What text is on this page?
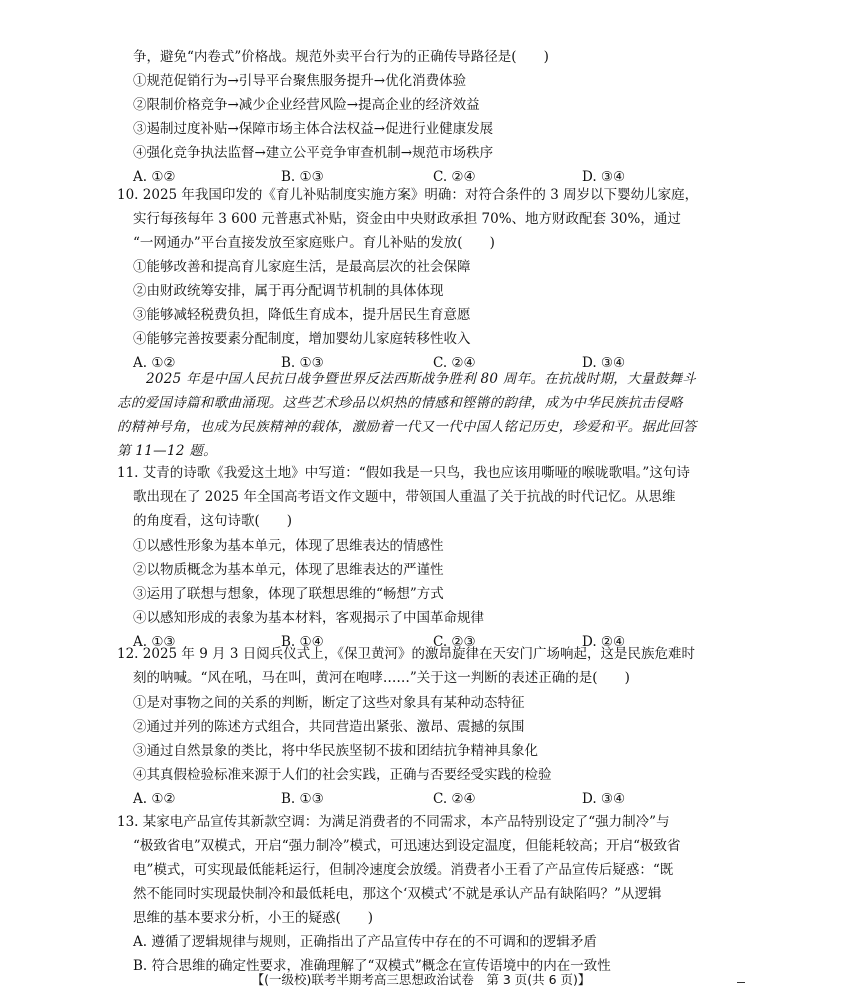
争，避免“内卷式”价格战。规范外卖平台行为的正确传导路径是(　　)
①规范促销行为→引导平台聚焦服务提升→优化消费体验
②限制价格竞争→减少企业经营风险→提高企业的经济效益
③遏制过度补贴→保障市场主体合法权益→促进行业健康发展
④强化竞争执法监督→建立公平竞争审查机制→规范市场秩序
A. ①②	B. ①③	C. ②④	D. ③④
10. 2025 年我国印发的《育儿补贴制度实施方案》明确：对符合条件的 3 周岁以下婴幼儿家庭，
实行每孩每年 3 600 元普惠式补贴，资金由中央财政承担 70%、地方财政配套 30%，通过
“一网通办”平台直接发放至家庭账户。育儿补贴的发放(　　)
①能够改善和提高育儿家庭生活，是最高层次的社会保障
②由财政统筹安排，属于再分配调节机制的具体体现
③能够减轻税费负担，降低生育成本，提升居民生育意愿
④能够完善按要素分配制度，增加婴幼儿家庭转移性收入
A. ①②	B. ①③	C. ②④	D. ③④
2025 年是中国人民抗日战争暨世界反法西斯战争胜利 80 周年。在抗战时期，大量鼓舞斗
志的爱国诗篇和歌曲涌现。这些艺术珍品以炽热的情感和铿锵的韵律，成为中华民族抗击侵略
的精神号角，也成为民族精神的载体，激励着一代又一代中国人铭记历史，珍爱和平。据此回答
第 11—12 题。
11. 艾青的诗歌《我爱这土地》中写道：“假如我是一只鸟，我也应该用嘶哑的喉咙歌唱。”这句诗
歌出现在了 2025 年全国高考语文作文题中，带领国人重温了关于抗战的时代记忆。从思维
的角度看，这句诗歌(　　)
①以感性形象为基本单元，体现了思维表达的情感性
②以物质概念为基本单元，体现了思维表达的严谨性
③运用了联想与想象，体现了联想思维的“畅想”方式
④以感知形成的表象为基本材料，客观揭示了中国革命规律
A. ①③	B. ①④	C. ②③	D. ②④
12. 2025 年 9 月 3 日阅兵仪式上，《保卫黄河》的激昂旋律在天安门广场响起，这是民族危难时
刻的呐喊。“风在吼，马在叫，黄河在咆哮……”关于这一判断的表述正确的是(　　)
①是对事物之间的关系的判断，断定了这些对象具有某种动态特征
②通过并列的陈述方式组合，共同营造出紧张、激昂、震撼的氛围
③通过自然景象的类比，将中华民族坚韧不拔和团结抗争精神具象化
④其真假检验标准来源于人们的社会实践，正确与否要经受实践的检验
A. ①②	B. ①③	C. ②④	D. ③④
13. 某家电产品宣传其新款空调：为满足消费者的不同需求，本产品特别设定了“强力制冷”与
“极致省电”双模式，开启“强力制冷”模式，可迅速达到设定温度，但能耗较高；开启“极致省
电”模式，可实现最低能耗运行，但制冷速度会放缓。消费者小王看了产品宣传后疑惑：“既
然不能同时实现最快制冷和最低耗电，那这个‘双模式’不就是承认产品有缺陷吗？”从逻辑
思维的基本要求分析，小王的疑惑(　　)
A. 遵循了逻辑规律与规则，正确指出了产品宣传中存在的不可调和的逻辑矛盾
B. 符合思维的确定性要求，准确理解了“双模式”概念在宣传语境中的内在一致性
【(一级校)联考半期考高三思想政治试卷　第 3 页(共 6 页)】
